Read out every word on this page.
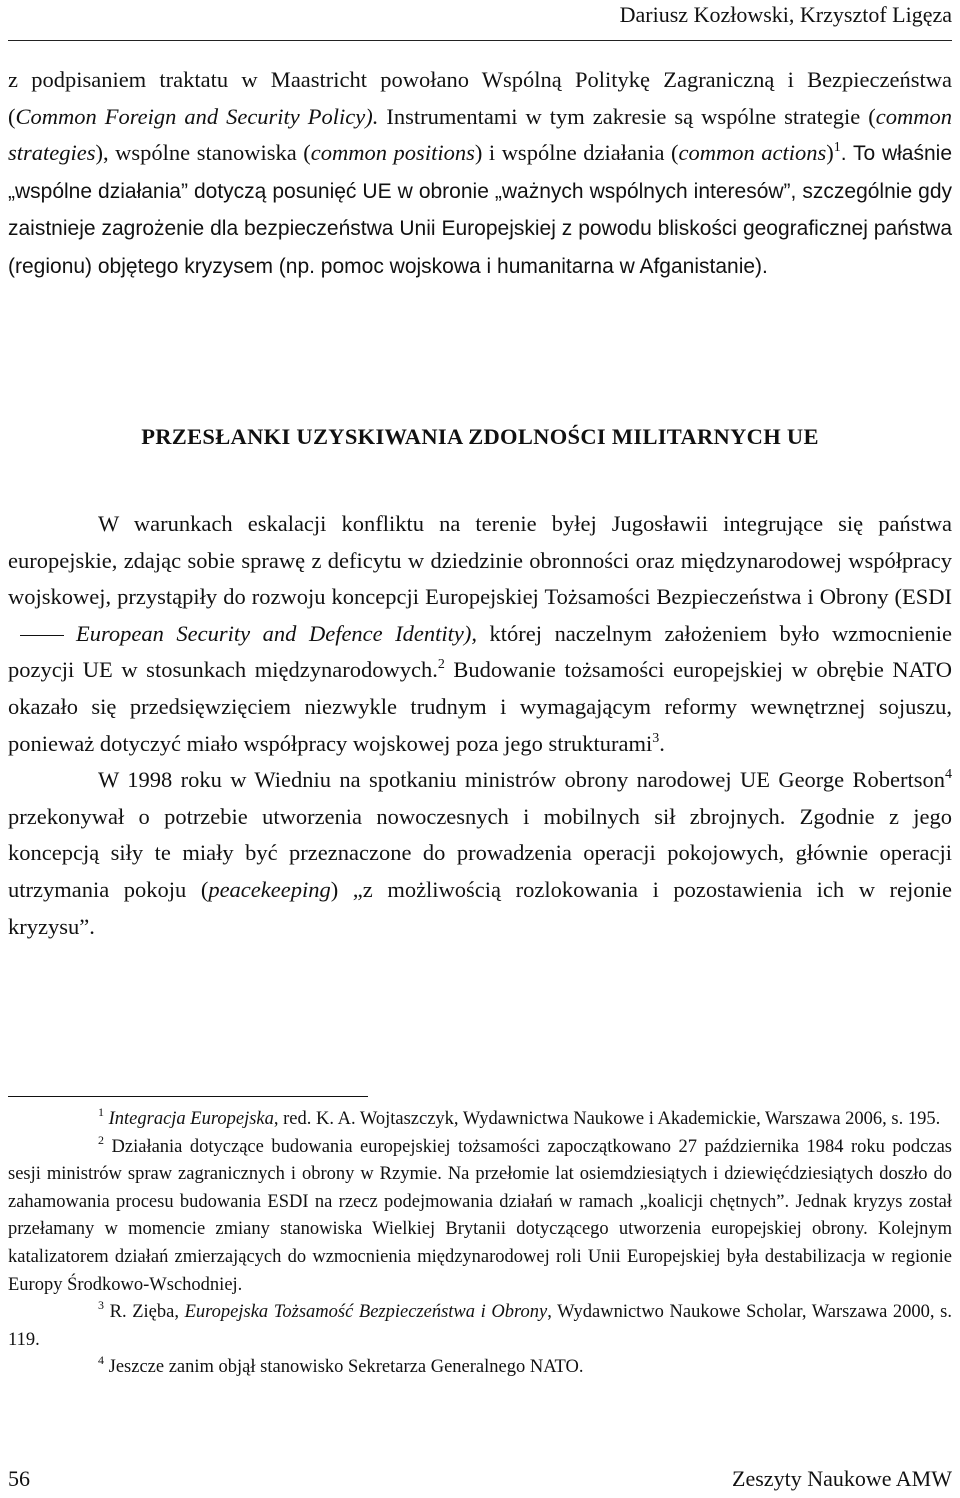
Dariusz Kozłowski, Krzysztof Ligęza

z podpisaniem traktatu w Maastricht powołano Wspólną Politykę Zagraniczną i Bezpieczeństwa (Common Foreign and Security Policy). Instrumentami w tym zakresie są wspólne strategie (common strategies), wspólne stanowiska (common positions) i wspólne działania (common actions)$^1$. To właśnie „wspólne działania” dotyczą posunięć UE w obronie „ważnych wspólnych interesów”, szczególnie gdy zaistnieje zagrożenie dla bezpieczeństwa Unii Europejskiej z powodu bliskości geograficznej państwa (regionu) objętego kryzysem (np. pomoc wojskowa i humanitarna w Afganistanie).

PRZESŁANKI UZYSKIWANIA ZDOLNOŚCI MILITARNYCH UE

W warunkach eskalacji konfliktu na terenie byłej Jugosławii integrujące się państwa europejskie, zdając sobie sprawę z deficytu w dziedzinie obronności oraz międzynarodowej współpracy wojskowej, przystąpiły do rozwoju koncepcji Europejskiej Tożsamości Bezpieczeństwa i Obrony (ESDIEuropean Security and Defence Identity), której naczelnym założeniem było wzmocnienie pozycji UE w stosunkach międzynarodowych.$^2$ Budowanie tożsamości europejskiej w obrębie NATO okazało się przedsięwzięciem niezwykle trudnym i wymagającym reformy wewnętrznej sojuszu, ponieważ dotyczyć miało współpracy wojskowej poza jego strukturami$^3$.

W 1998 roku w Wiedniu na spotkaniu ministrów obrony narodowej UE George Robertson$^4$ przekonywał o potrzebie utworzenia nowoczesnych i mobilnych sił zbrojnych. Zgodnie z jego koncepcją siły te miały być przeznaczone do prowadzenia operacji pokojowych, głównie operacji utrzymania pokoju (peacekeeping) „z możliwością rozlokowania i pozostawienia ich w rejonie kryzysu”.

$^1$ Integracja Europejska, red. K. A. Wojtaszczyk, Wydawnictwa Naukowe i Akademickie, Warszawa 2006, s. 195.

$^2$ Działania dotyczące budowania europejskiej tożsamości zapoczątkowano 27 października 1984 roku podczas sesji ministrów spraw zagranicznych i obrony w Rzymie. Na przełomie lat osiemdziesiątych i dziewięćdziesiątych doszło do zahamowania procesu budowania ESDI na rzecz podejmowania działań w ramach „koalicji chętnych”. Jednak kryzys został przełamany w momencie zmiany stanowiska Wielkiej Brytanii dotyczącego utworzenia europejskiej obrony. Kolejnym katalizatorem działań zmierzających do wzmocnienia międzynarodowej roli Unii Europejskiej była destabilizacja w regionie Europy Środkowo-Wschodniej.

$^3$ R. Zięba, Europejska Tożsamość Bezpieczeństwa i Obrony, Wydawnictwo Naukowe Scholar, Warszawa 2000, s. 119.

$^4$ Jeszcze zanim objął stanowisko Sekretarza Generalnego NATO.

56	Zeszyty Naukowe AMW
